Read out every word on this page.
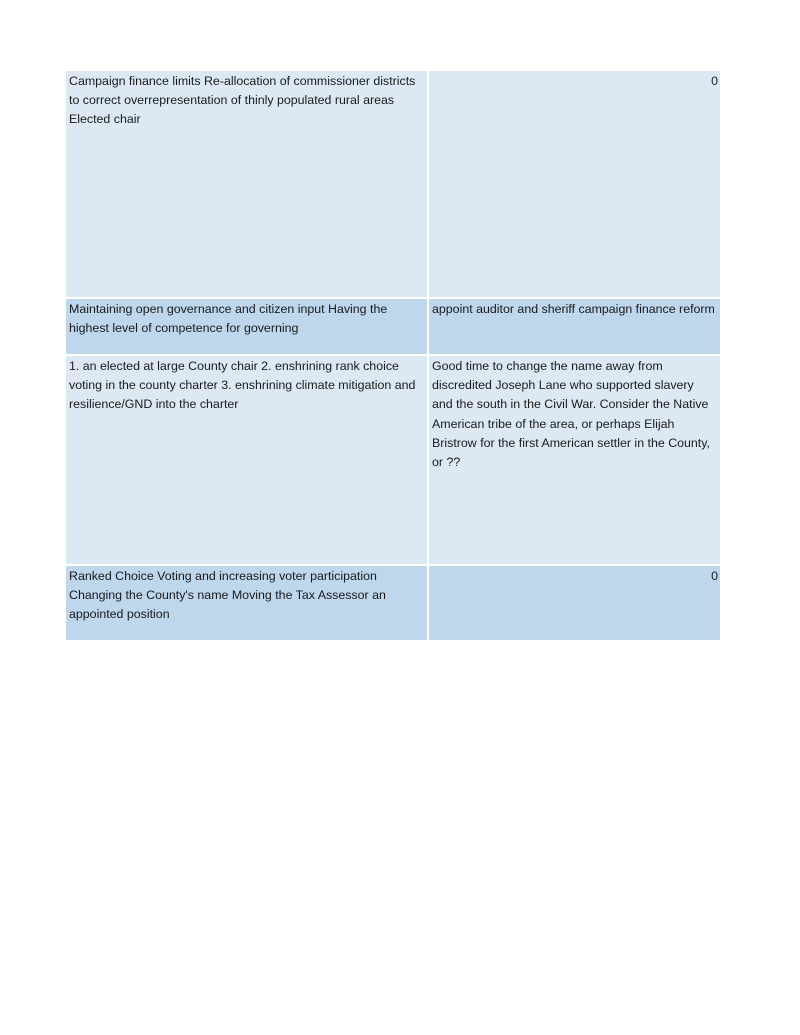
Campaign finance limits Re-allocation of commissioner districts to correct overrepresentation of thinly populated rural areas Elected chair	0
Maintaining open governance and citizen input Having the highest level of competence for governing	appoint auditor and sheriff campaign finance reform
1. an elected at large County chair 2. enshrining rank choice voting in the county charter 3. enshrining climate mitigation and resilience/GND into the charter	Good time to change the name away from discredited Joseph Lane who supported slavery and the south in the Civil War. Consider the Native American tribe of the area, or perhaps Elijah Bristrow for the first American settler in the County, or ??
Ranked Choice Voting and increasing voter participation Changing the County's name Moving the Tax Assessor an appointed position	0
